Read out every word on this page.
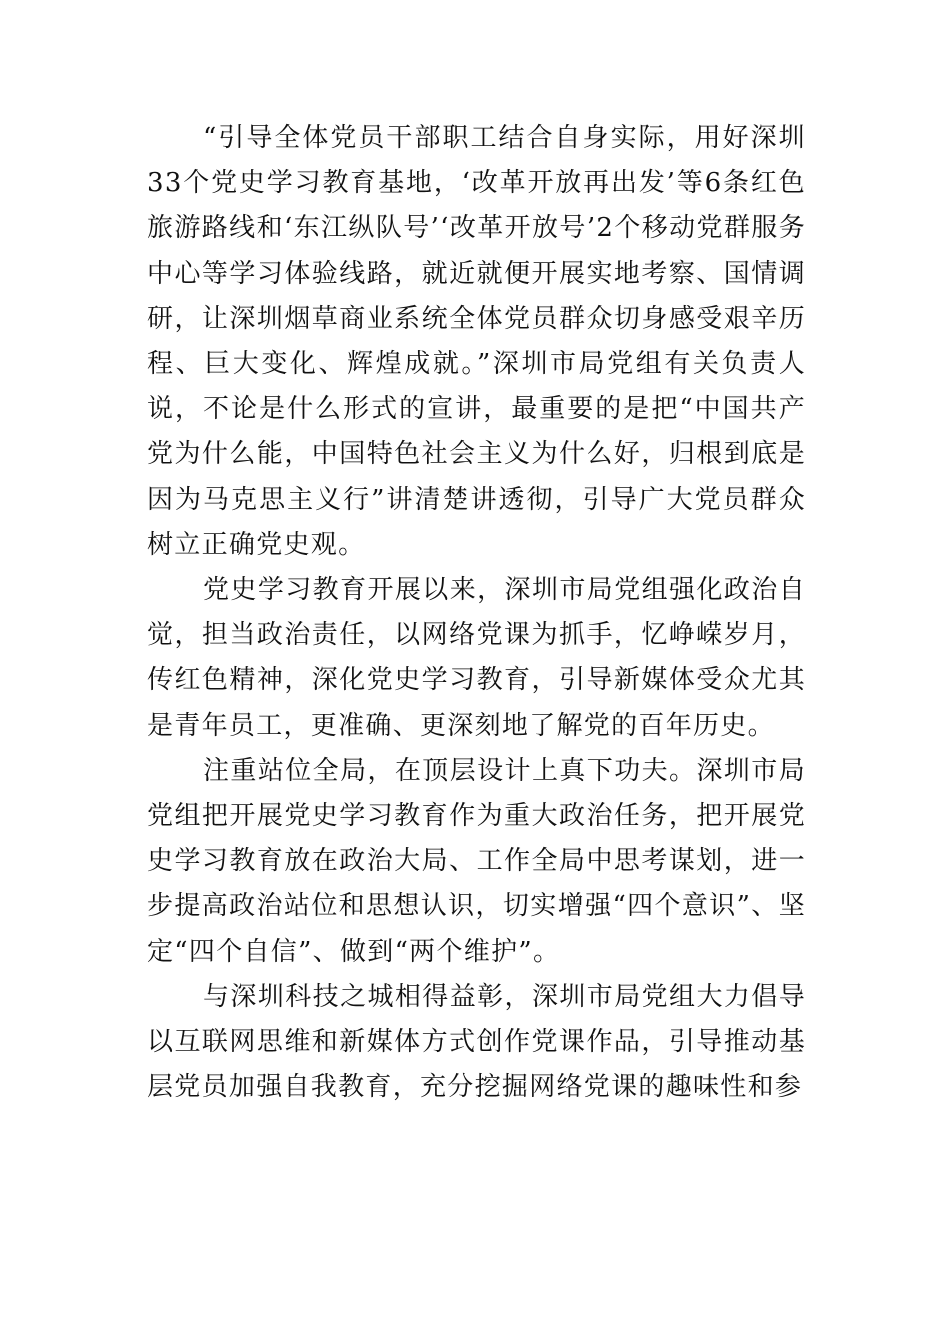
“引导全体党员干部职工结合自身实际，用好深圳33个党史学习教育基地，‘改革开放再出发’等6条红色旅游路线和‘东江纵队号’‘改革开放号’2个移动党群服务中心等学习体验线路，就近就便开展实地考察、国情调研，让深圳烟草商业系统全体党员群众切身感受艰辛历程、巨大变化、辉煌成就。”深圳市局党组有关负责人说，不论是什么形式的宣讲，最重要的是把“中国共产党为什么能，中国特色社会主义为什么好，归根到底是因为马克思主义行”讲清楚讲透彻，引导广大党员群众树立正确党史观。

党史学习教育开展以来，深圳市局党组强化政治自觉，担当政治责任，以网络党课为抓手，忆峥嵘岁月，传红色精神，深化党史学习教育，引导新媒体受众尤其是青年员工，更准确、更深刻地了解党的百年历史。

注重站位全局，在顶层设计上真下功夫。深圳市局党组把开展党史学习教育作为重大政治任务，把开展党史学习教育放在政治大局、工作全局中思考谋划，进一步提高政治站位和思想认识，切实增强“四个意识”、坚定“四个自信”、做到“两个维护”。

与深圳科技之城相得益彰，深圳市局党组大力倡导以互联网思维和新媒体方式创作党课作品，引导推动基层党员加强自我教育，充分挖掘网络党课的趣味性和参
